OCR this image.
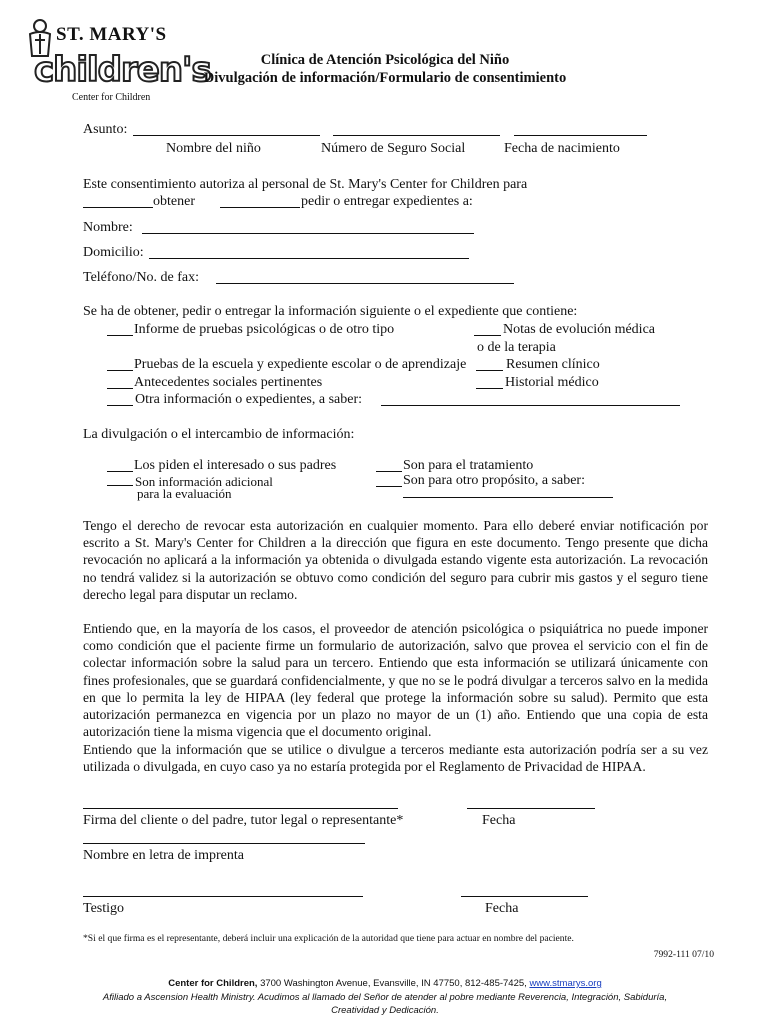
ST. MARY'S
children's
Center for Children
Clínica de Atención Psicológica del Niño
Divulgación de información/Formulario de consentimiento
Asunto:
Nombre del niño	Número de Seguro Social	Fecha de nacimiento
Este consentimiento autoriza al personal de St. Mary's Center for Children para
obtener	pedir o entregar expedientes a:
Nombre:
Domicilio:
Teléfono/No. de fax:
Se ha de obtener, pedir o entregar la información siguiente o el expediente que contiene:
Informe de pruebas psicológicas o de otro tipo	Notas de evolución médica
o de la terapia
Pruebas de la escuela y expediente escolar o de aprendizaje	Resumen clínico
Antecedentes sociales pertinentes	Historial médico
Otra información o expedientes, a saber:
La divulgación o el intercambio de información:
Los piden el interesado o sus padres	Son para el tratamiento
Son información adicional
para la evaluación
Son para otro propósito, a saber:
Tengo el derecho de revocar esta autorización en cualquier momento. Para ello deberé enviar notificación por escrito a St. Mary's Center for Children a la dirección que figura en este documento. Tengo presente que dicha revocación no aplicará a la información ya obtenida o divulgada estando vigente esta autorización. La revocación no tendrá validez si la autorización se obtuvo como condición del seguro para cubrir mis gastos y el seguro tiene derecho legal para disputar un reclamo.
Entiendo que, en la mayoría de los casos, el proveedor de atención psicológica o psiquiátrica no puede imponer como condición que el paciente firme un formulario de autorización, salvo que provea el servicio con el fin de colectar información sobre la salud para un tercero. Entiendo que esta información se utilizará únicamente con fines profesionales, que se guardará confidencialmente, y que no se le podrá divulgar a terceros salvo en la medida en que lo permita la ley de HIPAA (ley federal que protege la información sobre su salud). Permito que esta autorización permanezca en vigencia por un plazo no mayor de un (1) año. Entiendo que una copia de esta autorización tiene la misma vigencia que el documento original.
Entiendo que la información que se utilice o divulgue a terceros mediante esta autorización podría ser a su vez utilizada o divulgada, en cuyo caso ya no estaría protegida por el Reglamento de Privacidad de HIPAA.
Firma del cliente o del padre, tutor legal o representante*	Fecha
Nombre en letra de imprenta
Testigo	Fecha
*Si el que firma es el representante, deberá incluir una explicación de la autoridad que tiene para actuar en nombre del paciente.
7992-111 07/10
Center for Children, 3700 Washington Avenue, Evansville, IN 47750, 812-485-7425, www.stmarys.org
Afiliado a Ascension Health Ministry. Acudimos al llamado del Señor de atender al pobre mediante Reverencia, Integración, Sabiduría,
Creatividad y Dedicación.
